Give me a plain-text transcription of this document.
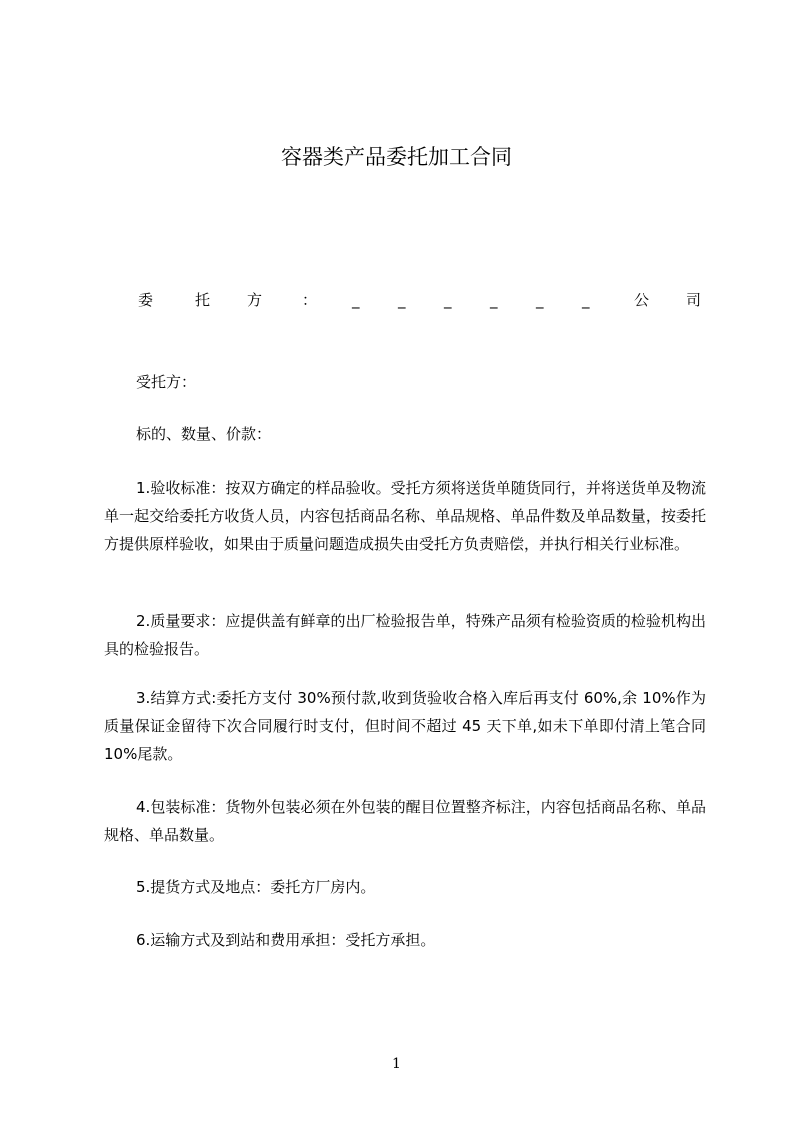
容器类产品委托加工合同
委	托 方	： _	_	_	_	_	_	公 司

受托方：

标的、数量、价款：

1.验收标准：按双方确定的样品验收。受托方须将送货单随货同行，并将送货单及物流单一起交给委托方收货人员，内容包括商品名称、单品规格、单品件数及单品数量，按委托方提供原样验收，如果由于质量问题造成损失由受托方负责赔偿，并执行相关行业标准。

2.质量要求：应提供盖有鲜章的出厂检验报告单，特殊产品须有检验资质的检验机构出具的检验报告。

3.结算方式:委托方支付 30%预付款,收到货验收合格入库后再支付 60%,余 10%作为质量保证金留待下次合同履行时支付，但时间不超过 45 天下单,如未下单即付清上笔合同 10%尾款。

4.包装标准：货物外包装必须在外包装的醒目位置整齐标注，内容包括商品名称、单品规格、单品数量。

5.提货方式及地点：委托方厂房内。

6.运输方式及到站和费用承担：受托方承担。

1
